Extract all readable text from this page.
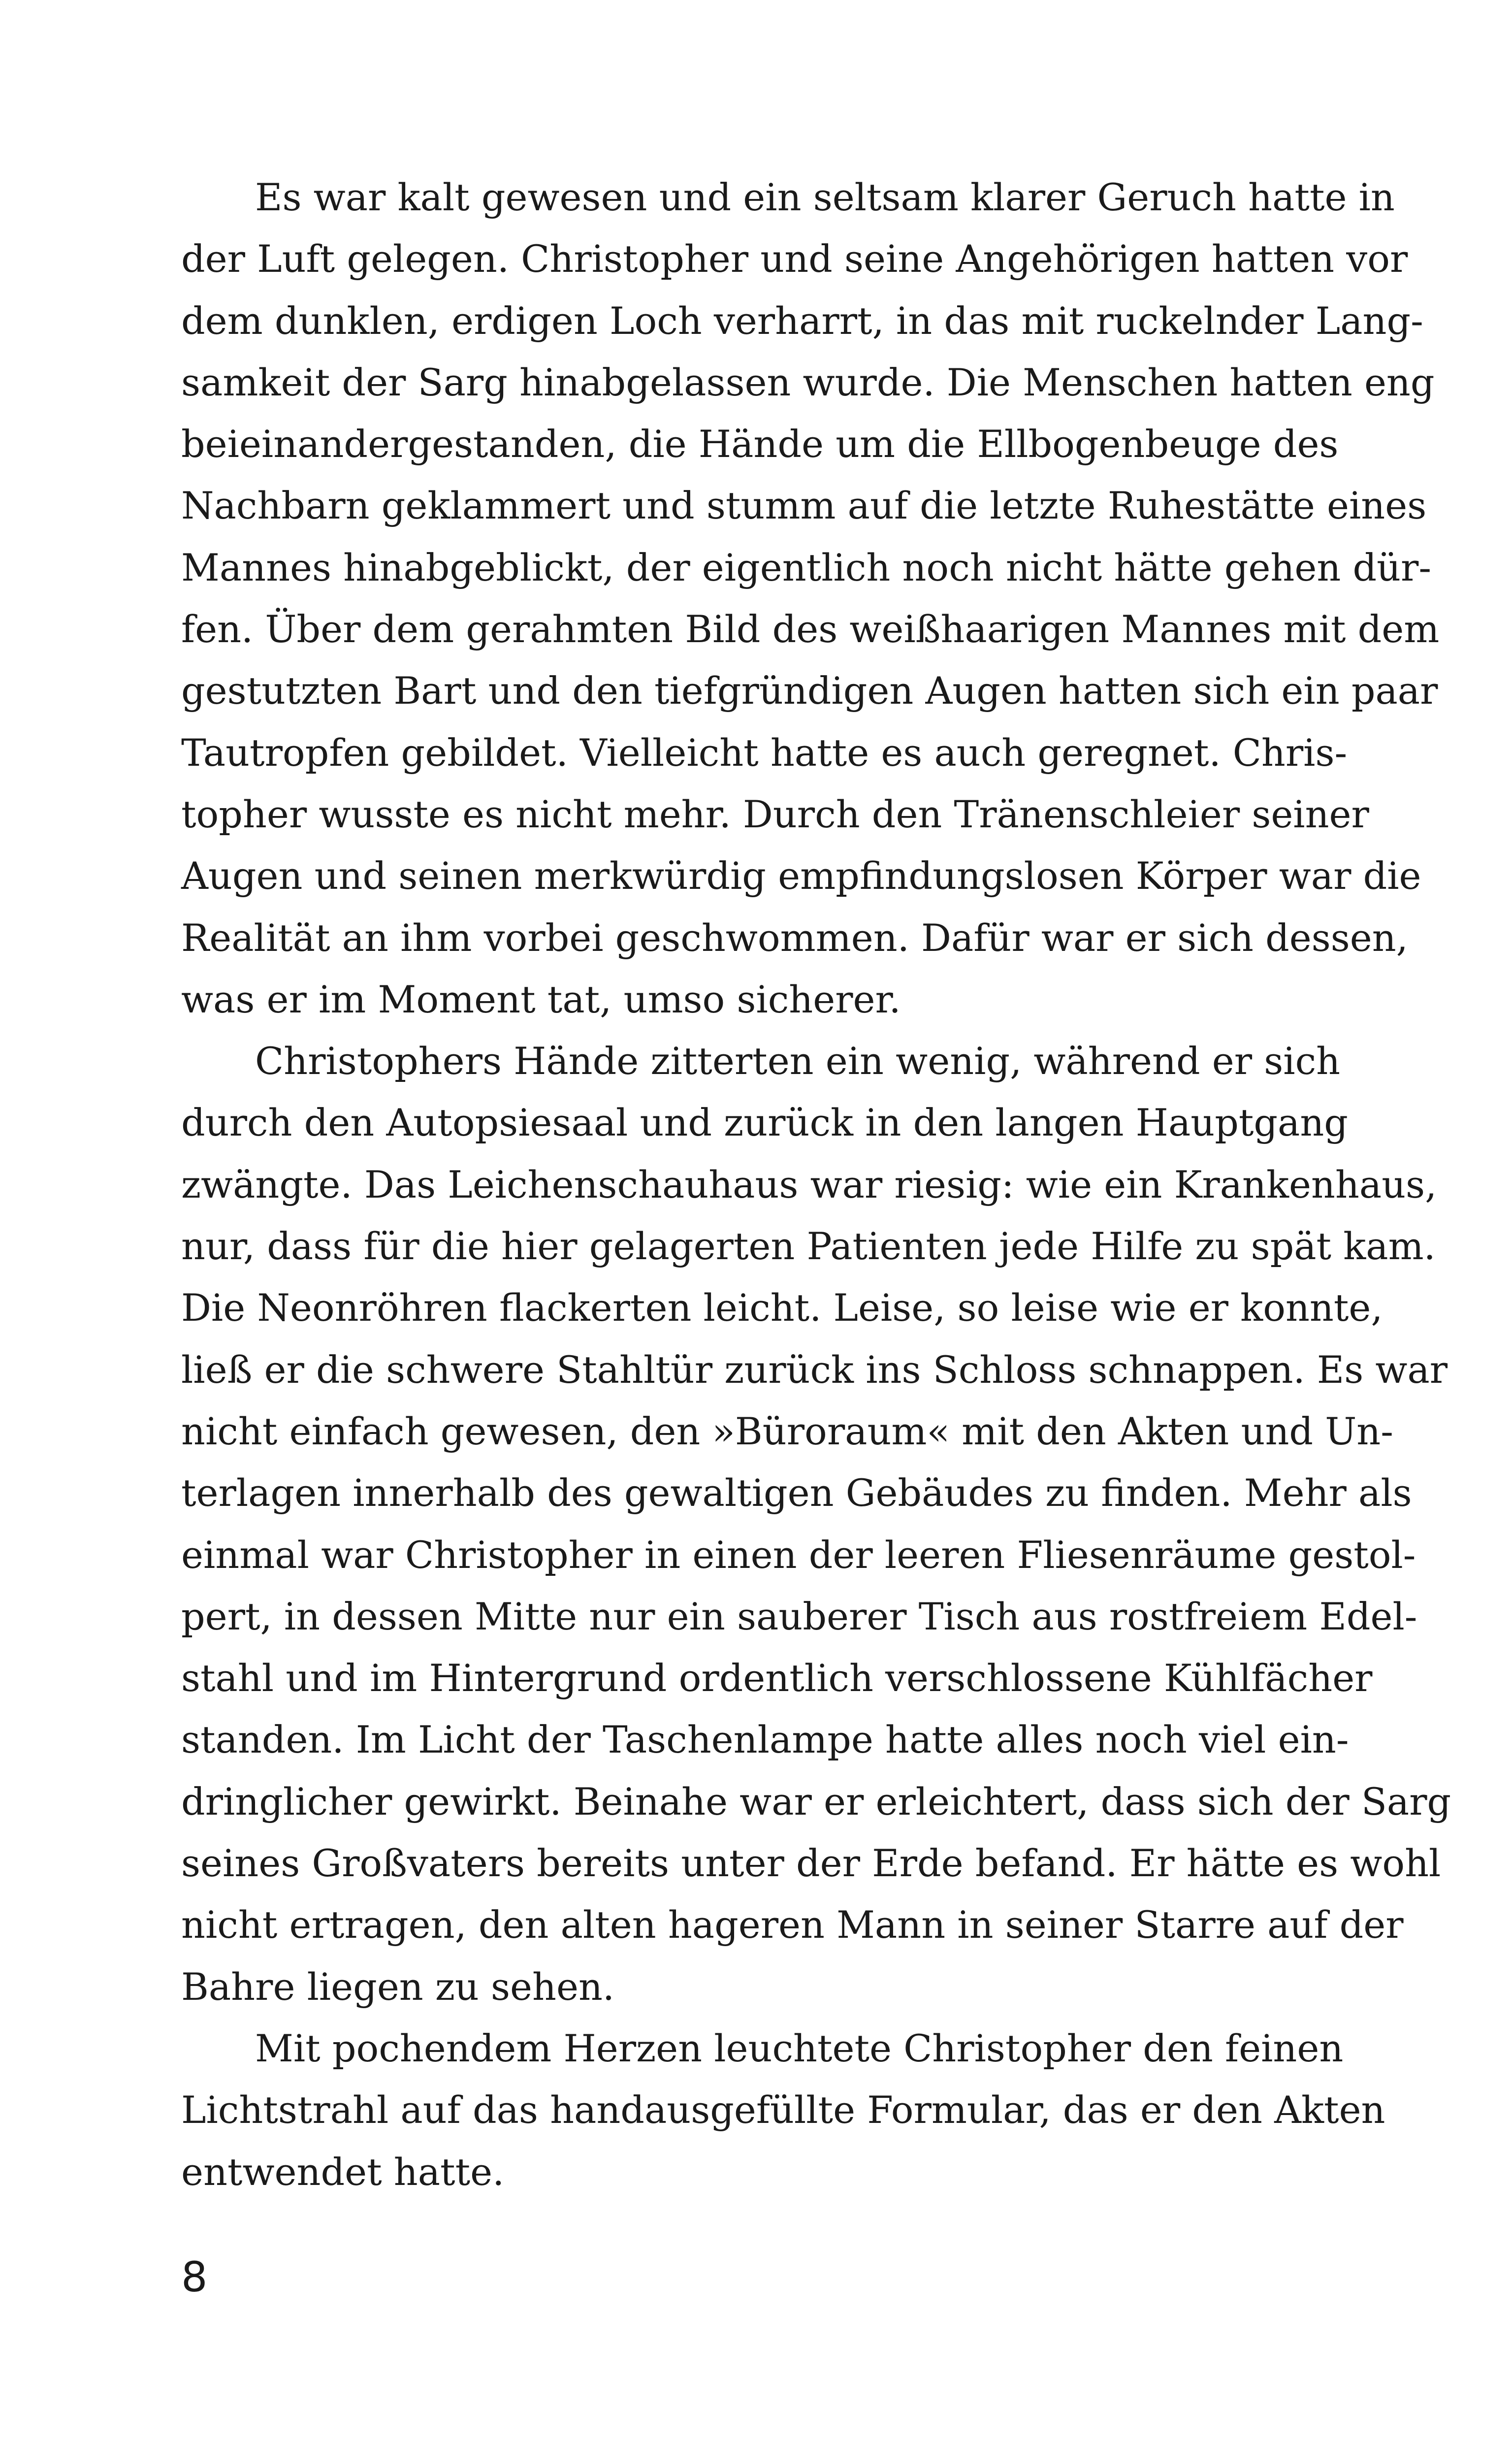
Es war kalt gewesen und ein seltsam klarer Geruch hatte in
der Luft gelegen. Christopher und seine Angehörigen hatten vor
dem dunklen, erdigen Loch verharrt, in das mit ruckelnder Lang-
samkeit der Sarg hinabgelassen wurde. Die Menschen hatten eng
beieinandergestanden, die Hände um die Ellbogenbeuge des
Nachbarn geklammert und stumm auf die letzte Ruhestätte eines
Mannes hinabgeblickt, der eigentlich noch nicht hätte gehen dür-
fen. Über dem gerahmten Bild des weißhaarigen Mannes mit dem
gestutzten Bart und den tiefgründigen Augen hatten sich ein paar
Tautropfen gebildet. Vielleicht hatte es auch geregnet. Chris-
topher wusste es nicht mehr. Durch den Tränenschleier seiner
Augen und seinen merkwürdig empfindungslosen Körper war die
Realität an ihm vorbei geschwommen. Dafür war er sich dessen,
was er im Moment tat, umso sicherer.
Christophers Hände zitterten ein wenig, während er sich
durch den Autopsiesaal und zurück in den langen Hauptgang
zwängte. Das Leichenschauhaus war riesig: wie ein Krankenhaus,
nur, dass für die hier gelagerten Patienten jede Hilfe zu spät kam.
Die Neonröhren flackerten leicht. Leise, so leise wie er konnte,
ließ er die schwere Stahltür zurück ins Schloss schnappen. Es war
nicht einfach gewesen, den »Büroraum« mit den Akten und Un-
terlagen innerhalb des gewaltigen Gebäudes zu finden. Mehr als
einmal war Christopher in einen der leeren Fliesenräume gestol-
pert, in dessen Mitte nur ein sauberer Tisch aus rostfreiem Edel-
stahl und im Hintergrund ordentlich verschlossene Kühlfächer
standen. Im Licht der Taschenlampe hatte alles noch viel ein-
dringlicher gewirkt. Beinahe war er erleichtert, dass sich der Sarg
seines Großvaters bereits unter der Erde befand. Er hätte es wohl
nicht ertragen, den alten hageren Mann in seiner Starre auf der
Bahre liegen zu sehen.
Mit pochendem Herzen leuchtete Christopher den feinen
Lichtstrahl auf das handausgefüllte Formular, das er den Akten
entwendet hatte.
8
